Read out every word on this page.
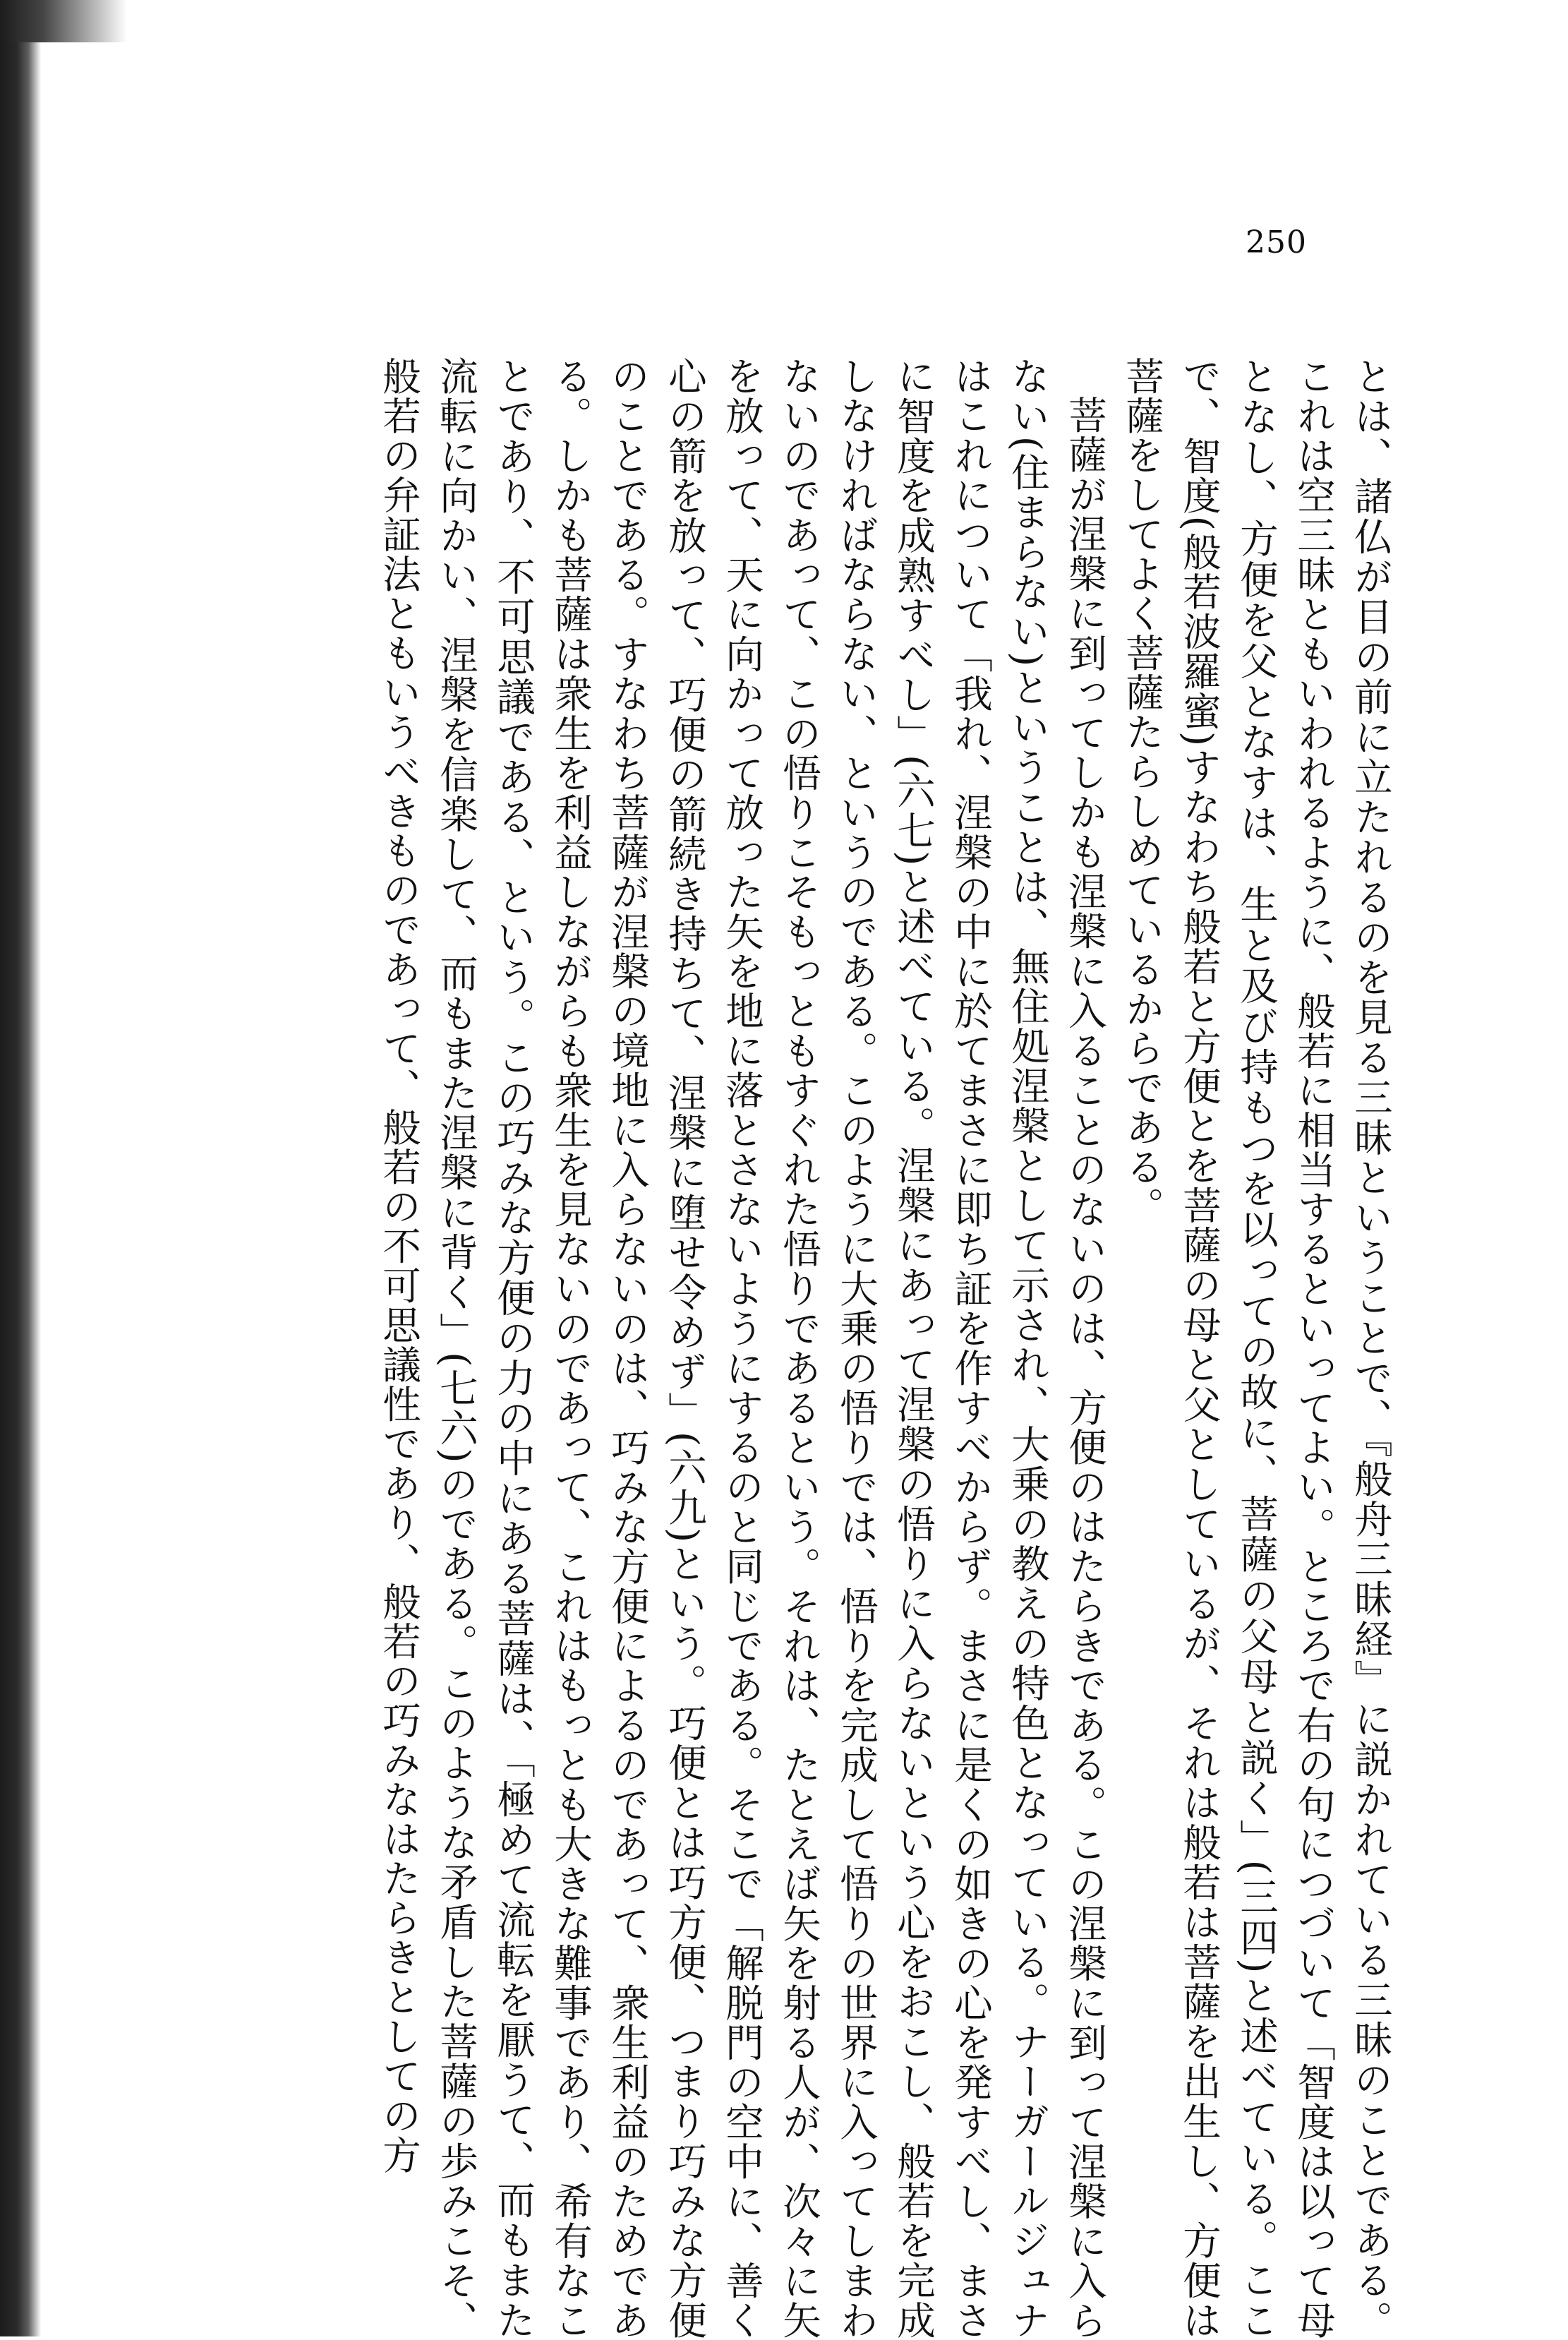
250

とは、諸仏が目の前に立たれるのを見る三昧ということで、『般舟三昧経』に説かれている三昧のことである。これは空三昧ともいわれるように、般若に相当するといってよい。ところで右の句につづいて「智度は以って母となし、方便を父となすは、生と及び持もつを以っての故に、菩薩の父母と説く」(三四)と述べている。ここで、智度(般若波羅蜜)すなわち般若と方便とを菩薩の母と父としているが、それは般若は菩薩を出生し、方便は菩薩をしてよく菩薩たらしめているからである。

菩薩が涅槃に到ってしかも涅槃に入ることのないのは、方便のはたらきである。この涅槃に到って涅槃に入らない(住まらない)ということは、無住処涅槃として示され、大乗の教えの特色となっている。ナーガールジュナはこれについて「我れ、涅槃の中に於てまさに即ち証を作すべからず。まさに是くの如きの心を発すべし、まさに智度を成熟すべし」(六七)と述べている。涅槃にあって涅槃の悟りに入らないという心をおこし、般若を完成しなければならない、というのである。このように大乗の悟りでは、悟りを完成して悟りの世界に入ってしまわないのであって、この悟りこそもっともすぐれた悟りであるという。それは、たとえば矢を射る人が、次々に矢を放って、天に向かって放った矢を地に落とさないようにするのと同じである。そこで「解脱門の空中に、善く心の箭を放って、巧便の箭続き持ちて、涅槃に堕せ令めず」(六九)という。巧便とは巧方便、つまり巧みな方便のことである。すなわち菩薩が涅槃の境地に入らないのは、巧みな方便によるのであって、衆生利益のためである。しかも菩薩は衆生を利益しながらも衆生を見ないのであって、これはもっとも大きな難事であり、希有なことであり、不可思議である、という。この巧みな方便の力の中にある菩薩は、「極めて流転を厭うて、而もまた流転に向かい、涅槃を信楽して、而もまた涅槃に背く」(七六)のである。このような矛盾した菩薩の歩みこそ、般若の弁証法ともいうべきものであって、般若の不可思議性であり、般若の巧みなはたらきとしての方
